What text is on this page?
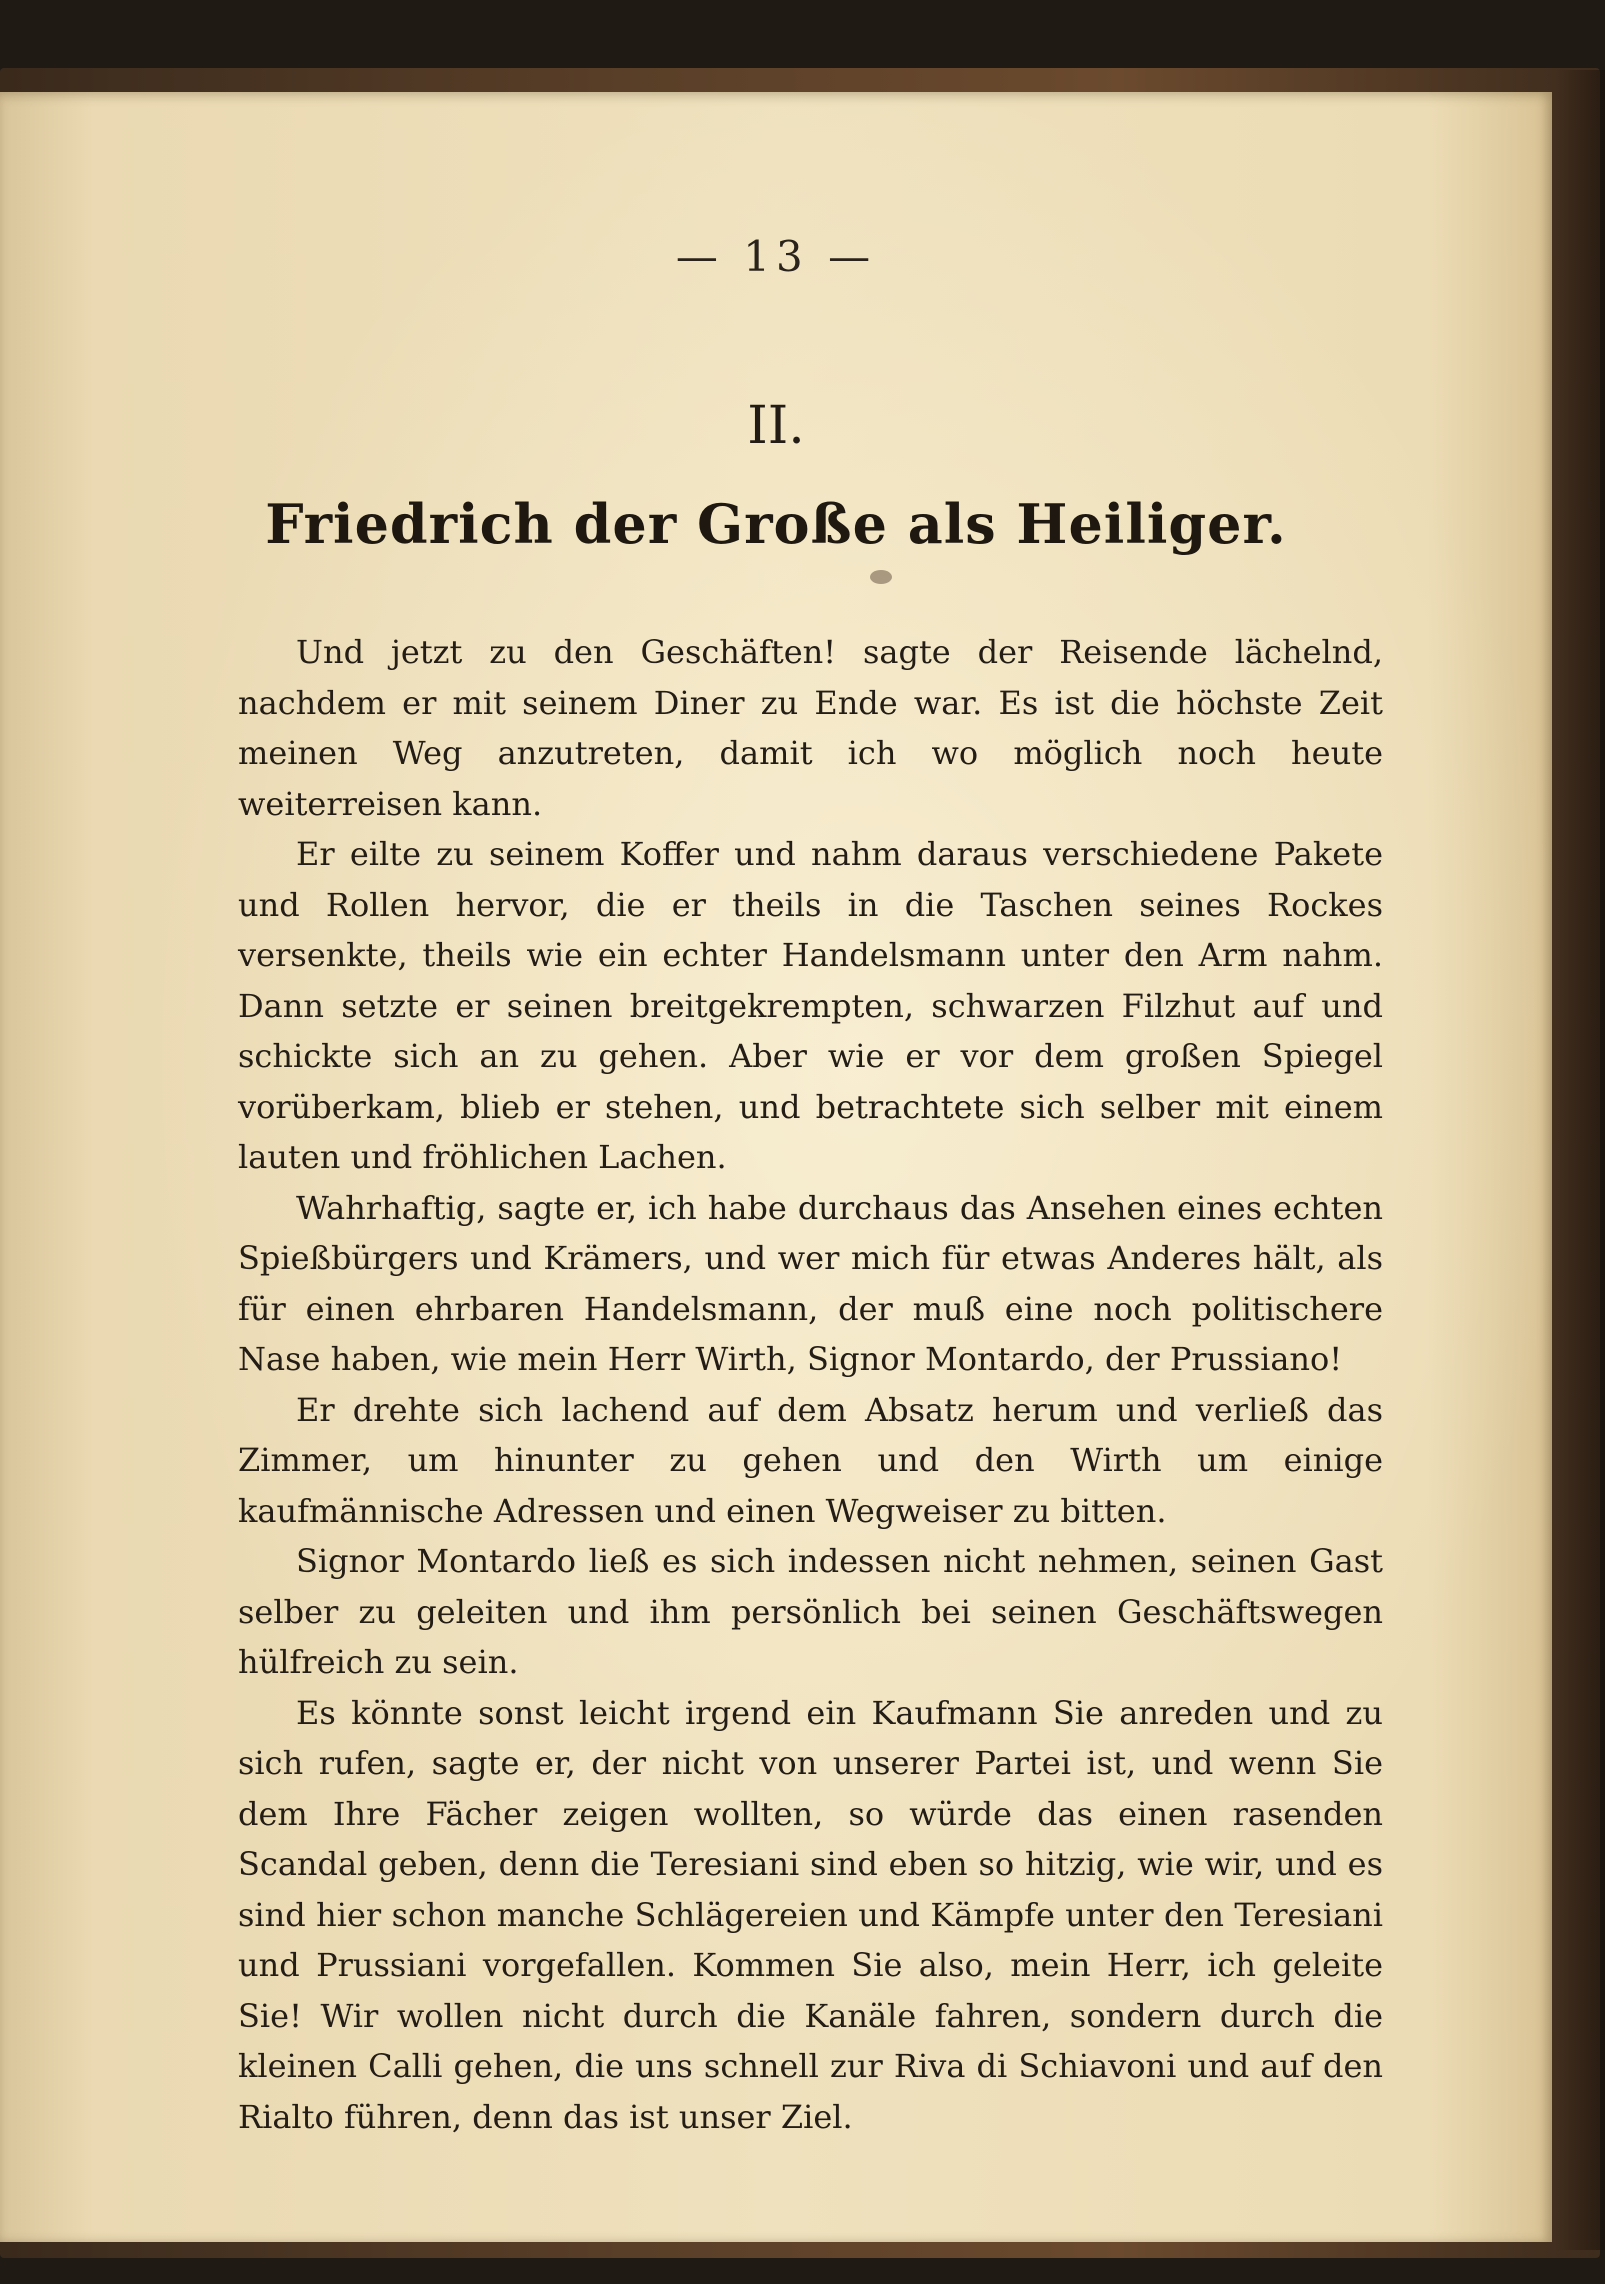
— 13 —
II.
Friedrich der Große als Heiliger.

Und jetzt zu den Geschäften! sagte der Reisende lächelnd, nachdem er mit seinem Diner zu Ende war. Es ist die höchste Zeit meinen Weg anzutreten, damit ich wo möglich noch heute weiterreisen kann.

Er eilte zu seinem Koffer und nahm daraus verschiedene Pakete und Rollen hervor, die er theils in die Taschen seines Rockes versenkte, theils wie ein echter Handelsmann unter den Arm nahm. Dann setzte er seinen breitgekrempten, schwarzen Filzhut auf und schickte sich an zu gehen. Aber wie er vor dem großen Spiegel vorüberkam, blieb er stehen, und betrachtete sich selber mit einem lauten und fröhlichen Lachen.

Wahrhaftig, sagte er, ich habe durchaus das Ansehen eines echten Spießbürgers und Krämers, und wer mich für etwas Anderes hält, als für einen ehrbaren Handelsmann, der muß eine noch politischere Nase haben, wie mein Herr Wirth, Signor Montardo, der Prussiano!

Er drehte sich lachend auf dem Absatz herum und verließ das Zimmer, um hinunter zu gehen und den Wirth um einige kaufmännische Adressen und einen Wegweiser zu bitten.

Signor Montardo ließ es sich indessen nicht nehmen, seinen Gast selber zu geleiten und ihm persönlich bei seinen Geschäftswegen hülfreich zu sein.

Es könnte sonst leicht irgend ein Kaufmann Sie anreden und zu sich rufen, sagte er, der nicht von unserer Partei ist, und wenn Sie dem Ihre Fächer zeigen wollten, so würde das einen rasenden Scandal geben, denn die Teresiani sind eben so hitzig, wie wir, und es sind hier schon manche Schlägereien und Kämpfe unter den Teresiani und Prussiani vorgefallen. Kommen Sie also, mein Herr, ich geleite Sie! Wir wollen nicht durch die Kanäle fahren, sondern durch die kleinen Calli gehen, die uns schnell zur Riva di Schiavoni und auf den Rialto führen, denn das ist unser Ziel.
